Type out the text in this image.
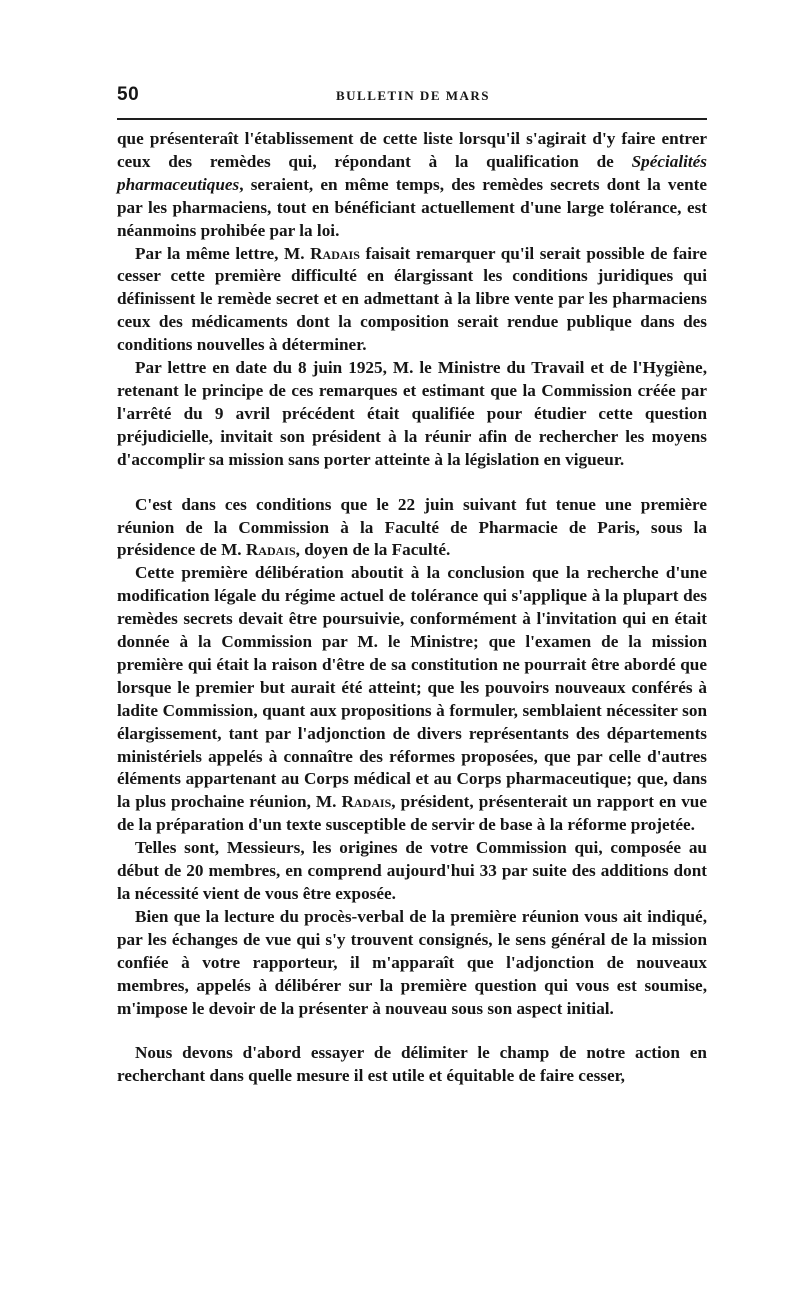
50	BULLETIN DE MARS

que présenteraît l'établissement de cette liste lorsqu'il s'agirait d'y faire entrer ceux des remèdes qui, répondant à la qualification de Spécialités pharmaceutiques, seraient, en même temps, des remèdes secrets dont la vente par les pharmaciens, tout en bénéficiant actuellement d'une large tolérance, est néanmoins prohibée par la loi.

Par la même lettre, M. Radais faisait remarquer qu'il serait possible de faire cesser cette première difficulté en élargissant les conditions juridiques qui définissent le remède secret et en admettant à la libre vente par les pharmaciens ceux des médicaments dont la composition serait rendue publique dans des conditions nouvelles à déterminer.

Par lettre en date du 8 juin 1925, M. le Ministre du Travail et de l'Hygiène, retenant le principe de ces remarques et estimant que la Commission créée par l'arrêté du 9 avril précédent était qualifiée pour étudier cette question préjudicielle, invitait son président à la réunir afin de rechercher les moyens d'accomplir sa mission sans porter atteinte à la législation en vigueur.

C'est dans ces conditions que le 22 juin suivant fut tenue une première réunion de la Commission à la Faculté de Pharmacie de Paris, sous la présidence de M. Radais, doyen de la Faculté.

Cette première délibération aboutit à la conclusion que la recherche d'une modification légale du régime actuel de tolérance qui s'applique à la plupart des remèdes secrets devait être poursuivie, conformément à l'invitation qui en était donnée à la Commission par M. le Ministre; que l'examen de la mission première qui était la raison d'être de sa constitution ne pourrait être abordé que lorsque le premier but aurait été atteint; que les pouvoirs nouveaux conférés à ladite Commission, quant aux propositions à formuler, semblaient nécessiter son élargissement, tant par l'adjonction de divers représentants des départements ministériels appelés à connaître des réformes proposées, que par celle d'autres éléments appartenant au Corps médical et au Corps pharmaceutique; que, dans la plus prochaine réunion, M. Radais, président, présenterait un rapport en vue de la préparation d'un texte susceptible de servir de base à la réforme projetée.

Telles sont, Messieurs, les origines de votre Commission qui, composée au début de 20 membres, en comprend aujourd'hui 33 par suite des additions dont la nécessité vient de vous être exposée.

Bien que la lecture du procès-verbal de la première réunion vous ait indiqué, par les échanges de vue qui s'y trouvent consignés, le sens général de la mission confiée à votre rapporteur, il m'apparaît que l'adjonction de nouveaux membres, appelés à délibérer sur la première question qui vous est soumise, m'impose le devoir de la présenter à nouveau sous son aspect initial.

Nous devons d'abord essayer de délimiter le champ de notre action en recherchant dans quelle mesure il est utile et équitable de faire cesser,
